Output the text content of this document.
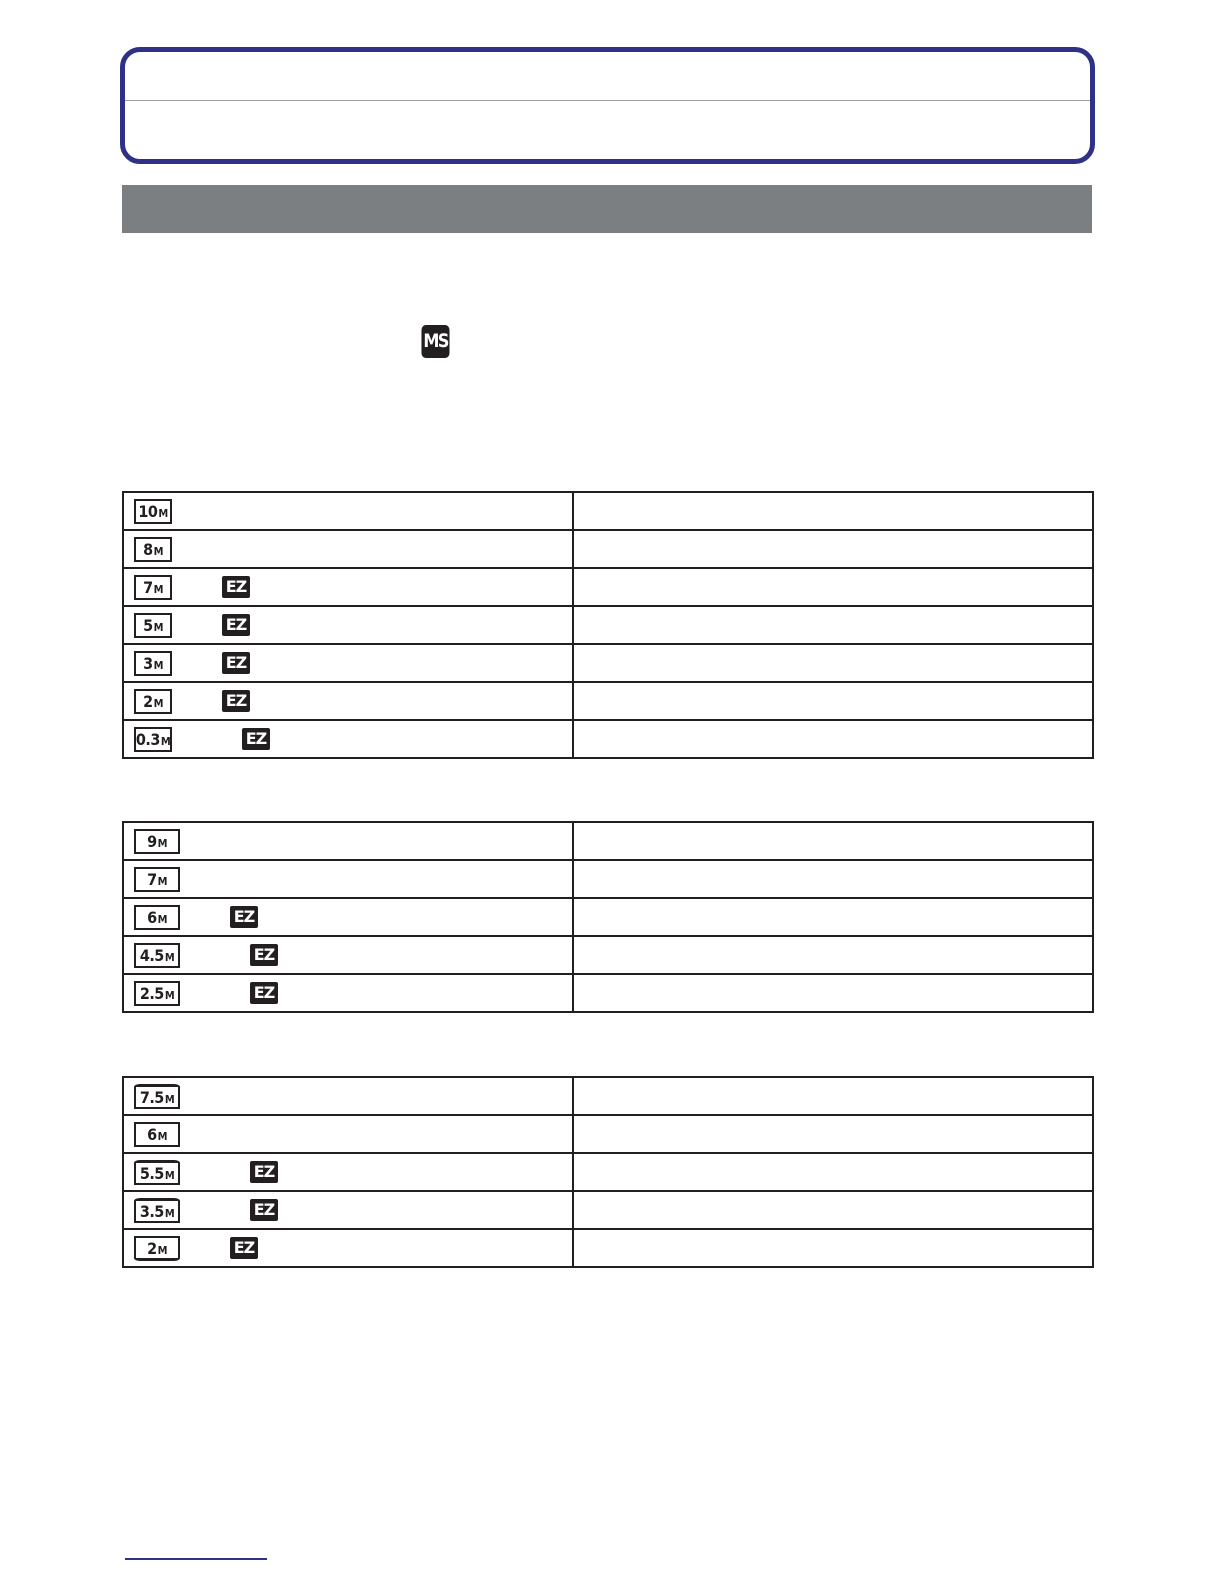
MS
10 M	

8 M	

7 M EZ	

5 M EZ	

3 M EZ	

2 M EZ	

0.3 M EZ	
9 M	

7 M	

6 M EZ	

4.5 M EZ	

2.5 M EZ	
7.5 M	

6 M	

5.5 M EZ	

3.5 M EZ	

2 M EZ	
